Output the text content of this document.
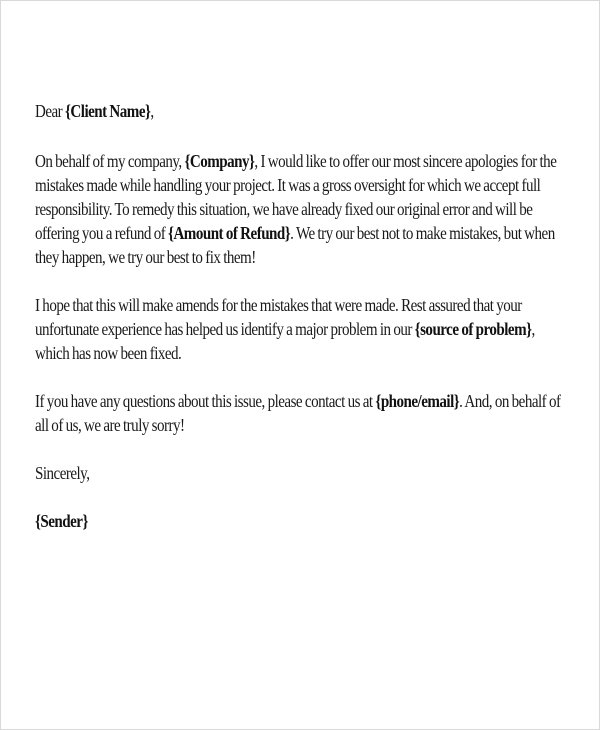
Dear {Client Name},

On behalf of my company, {Company}, I would like to offer our most sincere apologies for the mistakes made while handling your project. It was a gross oversight for which we accept full responsibility. To remedy this situation, we have already fixed our original error and will be offering you a refund of {Amount of Refund}. We try our best not to make mistakes, but when they happen, we try our best to fix them!

I hope that this will make amends for the mistakes that were made. Rest assured that your unfortunate experience has helped us identify a major problem in our {source of problem}, which has now been fixed.

If you have any questions about this issue, please contact us at {phone/email}. And, on behalf of all of us, we are truly sorry!

Sincerely,

{Sender}
